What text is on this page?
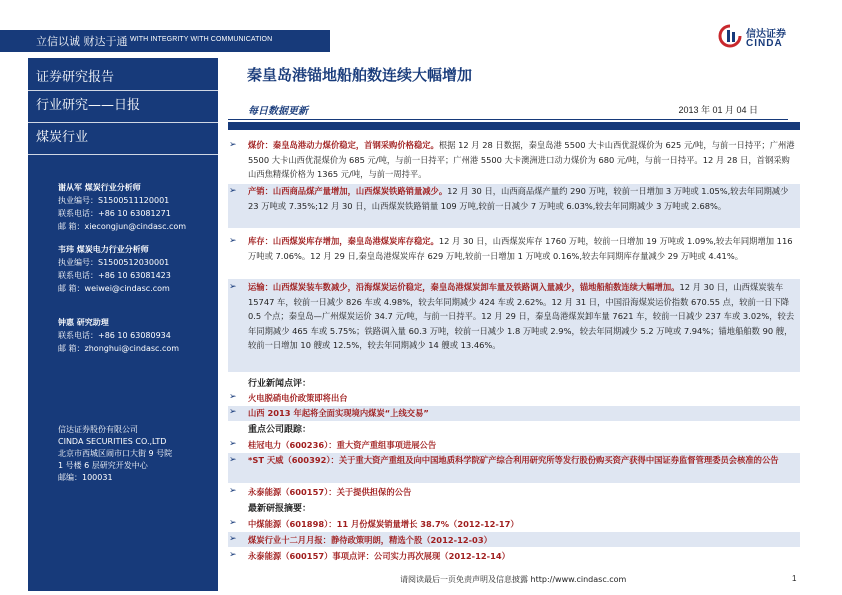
立信以诚 财达于通 WITH INTEGRITY WITH COMMUNICATION	信达证券
CINDA
证券研究报告
行业研究——日报
煤炭行业
谢从军 煤炭行业分析师
执业编号：S1500511120001
联系电话：+86 10 63081271
邮 箱：xiecongjun@cindasc.com
韦玮 煤炭电力行业分析师
执业编号：S1500512030001
联系电话：+86 10 63081423
邮 箱：weiwei@cindasc.com
钟惠 研究助理
联系电话：+86 10 63080934
邮 箱：zhonghui@cindasc.com
信达证券股份有限公司
CINDA SECURITIES CO.,LTD
北京市西城区闹市口大街 9 号院
1 号楼 6 层研究开发中心
邮编：100031
秦皇岛港锚地船舶数连续大幅增加
每日数据更新	2013 年 01 月 04 日
➢ 煤价：秦皇岛港动力煤价稳定，首钢采购价格稳定。根据 12 月 28 日数据，秦皇岛港 5500 大卡山西优混煤价为 625 元/吨，与前一日持平；广州港 5500 大卡山西优混煤价为 685 元/吨，与前一日持平；广州港 5500 大卡澳洲进口动力煤价为 680 元/吨，与前一日持平。12 月 28 日，首钢采购山西焦精煤价格为 1365 元/吨，与前一周持平。
➢ 产销：山西商品煤产量增加，山西煤炭铁路销量减少。12 月 30 日，山西商品煤产量约 290 万吨，较前一日增加 3 万吨或 1.05%,较去年同期减少 23 万吨或 7.35%;12 月 30 日，山西煤炭铁路销量 109 万吨,较前一日减少 7 万吨或 6.03%,较去年同期减少 3 万吨或 2.68%。
➢ 库存：山西煤炭库存增加，秦皇岛港煤炭库存稳定。12 月 30 日，山西煤炭库存 1760 万吨，较前一日增加 19 万吨或 1.09%,较去年同期增加 116 万吨或 7.06%。12 月 29 日,秦皇岛港煤炭库存 629 万吨,较前一日增加 1 万吨或 0.16%,较去年同期库存量减少 29 万吨或 4.41%。
➢ 运输：山西煤炭装车数减少，沿海煤炭运价稳定，秦皇岛港煤炭卸车量及铁路调入量减少，锚地船舶数连续大幅增加。12 月 30 日，山西煤炭装车 15747 车，较前一日减少 826 车或 4.98%，较去年同期减少 424 车或 2.62%。12 月 31 日，中国沿海煤炭运价指数 670.55 点，较前一日下降 0.5 个点；秦皇岛—广州煤炭运价 34.7 元/吨，与前一日持平。12 月 29 日，秦皇岛港煤炭卸车量 7621 车，较前一日减少 237 车或 3.02%，较去年同期减少 465 车或 5.75%；铁路调入量 60.3 万吨，较前一日减少 1.8 万吨或 2.9%，较去年同期减少 5.2 万吨或 7.94%；锚地船舶数 90 艘，较前一日增加 10 艘或 12.5%，较去年同期减少 14 艘或 13.46%。
行业新闻点评：
➢ 火电脱硝电价政策即将出台
➢ 山西 2013 年起将全面实现境内煤炭“上线交易”
重点公司跟踪：
➢ 桂冠电力（600236）：重大资产重组事项进展公告
➢ *ST 天威（600392）：关于重大资产重组及向中国地质科学院矿产综合利用研究所等发行股份购买资产获得中国证券监督管理委员会核准的公告
➢ 永泰能源（600157）：关于提供担保的公告
最新研报摘要：
➢ 中煤能源（601898）：11 月份煤炭销量增长 38.7%（2012-12-17）
➢ 煤炭行业十二月月报：静待政策明朗，精选个股（2012-12-03）
➢ 永泰能源（600157）事项点评：公司实力再次展现（2012-12-14）
请阅读最后一页免责声明及信息披露 http://www.cindasc.com	1
